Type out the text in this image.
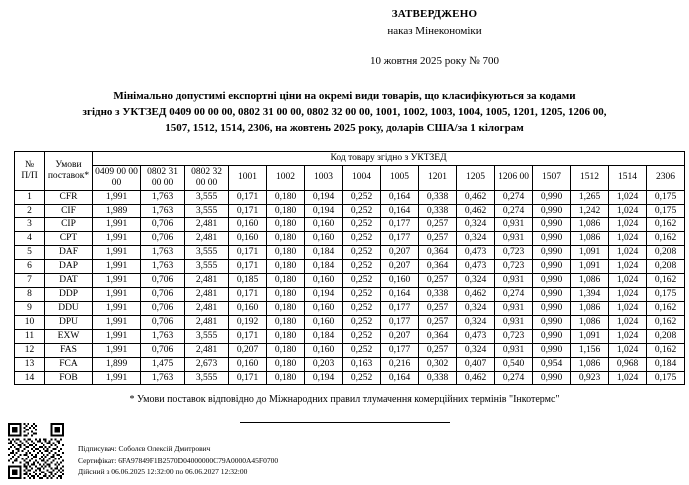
ЗАТВЕРДЖЕНО
наказ Мінекономіки
10 жовтня 2025 року № 700
Мінімально допустимі експортні ціни на окремі види товарів, що класифікуються за кодами
згідно з УКТЗЕД 0409 00 00 00, 0802 31 00 00, 0802 32 00 00, 1001, 1002, 1003, 1004, 1005, 1201, 1205, 1206 00,
1507, 1512, 1514, 2306, на жовтень 2025 року, доларів США/за 1 кілограм
№
П/П

Умови
поставок*
	Код товару згідно з УКТЗЕД
		0409 00 00 00	0802 31 00 00	0802 32 00 00	1001	1002	1003	1004	1005	1201	1205	1206 00	1507	1512	1514	2306
1	CFR	1,991	1,763	3,555	0,171	0,180	0,194	0,252	0,164	0,338	0,462	0,274	0,990	1,265	1,024	0,175
2	CIF	1,989	1,763	3,555	0,171	0,180	0,194	0,252	0,164	0,338	0,462	0,274	0,990	1,242	1,024	0,175
3	CIP	1,991	0,706	2,481	0,160	0,180	0,160	0,252	0,177	0,257	0,324	0,931	0,990	1,086	1,024	0,162
4	CPT	1,991	0,706	2,481	0,160	0,180	0,160	0,252	0,177	0,257	0,324	0,931	0,990	1,086	1,024	0,162
5	DAF	1,991	1,763	3,555	0,171	0,180	0,184	0,252	0,207	0,364	0,473	0,723	0,990	1,091	1,024	0,208
6	DAP	1,991	1,763	3,555	0,171	0,180	0,184	0,252	0,207	0,364	0,473	0,723	0,990	1,091	1,024	0,208
7	DAT	1,991	0,706	2,481	0,185	0,180	0,160	0,252	0,160	0,257	0,324	0,931	0,990	1,086	1,024	0,162
8	DDP	1,991	0,706	2,481	0,171	0,180	0,194	0,252	0,164	0,338	0,462	0,274	0,990	1,394	1,024	0,175
9	DDU	1,991	0,706	2,481	0,160	0,180	0,160	0,252	0,177	0,257	0,324	0,931	0,990	1,086	1,024	0,162
10	DPU	1,991	0,706	2,481	0,192	0,180	0,160	0,252	0,177	0,257	0,324	0,931	0,990	1,086	1,024	0,162
11	EXW	1,991	1,763	3,555	0,171	0,180	0,184	0,252	0,207	0,364	0,473	0,723	0,990	1,091	1,024	0,208
12	FAS	1,991	0,706	2,481	0,207	0,180	0,160	0,252	0,177	0,257	0,324	0,931	0,990	1,156	1,024	0,162
13	FCA	1,899	1,475	2,673	0,160	0,180	0,203	0,163	0,216	0,302	0,407	0,540	0,954	1,086	0,968	0,184
14	FOB	1,991	1,763	3,555	0,171	0,180	0,194	0,252	0,164	0,338	0,462	0,274	0,990	0,923	1,024	0,175
* Умови поставок відповідно до Міжнародних правил тлумачення комерційних термінів "Інкотермс"
Підписувач: Соболєв Олексій Дмитрович
Сертифікат: 6FA97849F1B2570D04000000C79A0000A45F0700
Дійсний з 06.06.2025 12:32:00 по 06.06.2027 12:32:00
